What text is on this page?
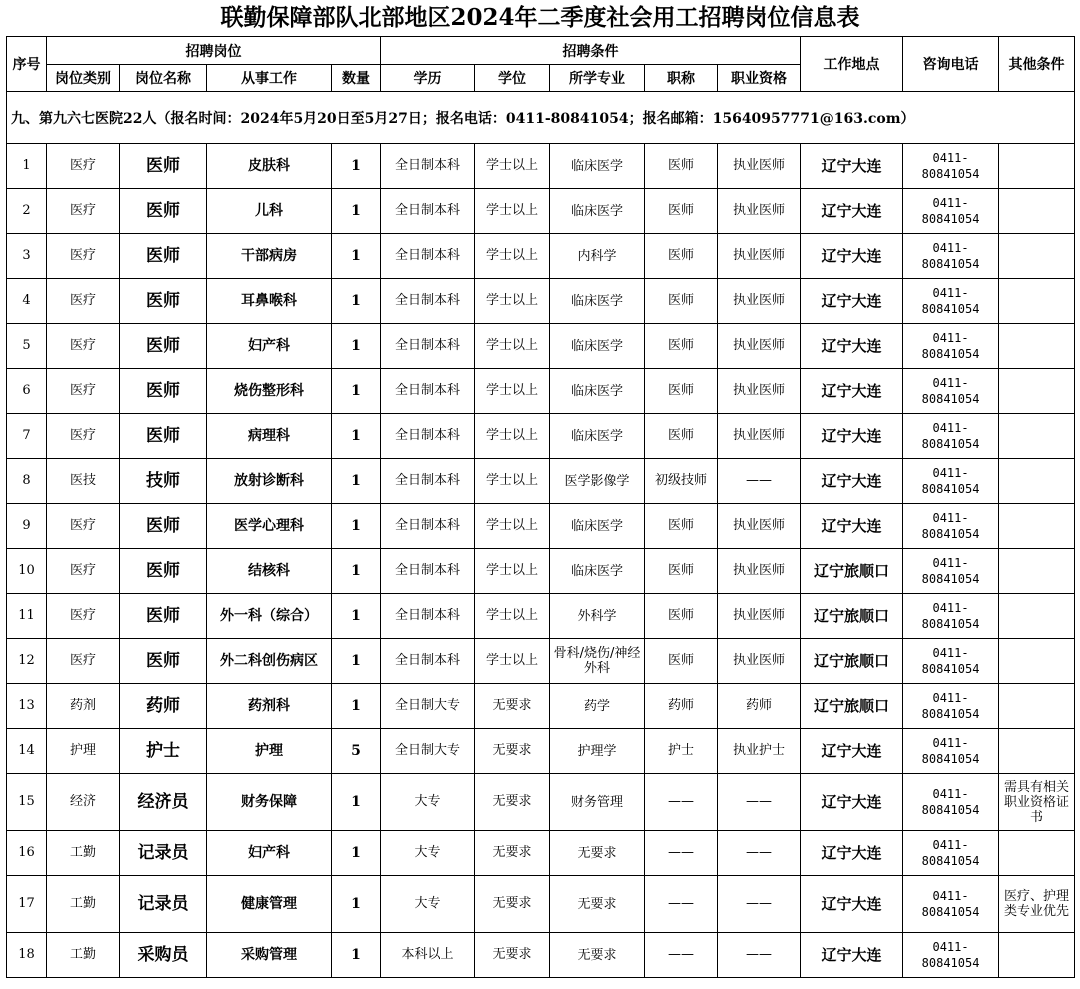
联勤保障部队北部地区2024年二季度社会用工招聘岗位信息表
序号	招聘岗位				招聘条件					工作地点	咨询电话	其他条件
	岗位类别	岗位名称	从事工作	数量	学历	学位	所学专业	职称	职业资格			
九、第九六七医院22人（报名时间：2024年5月20日至5月27日；报名电话：0411-80841054；报名邮箱：15640957771@163.com）												
1	医疗	医师	皮肤科	1	全日制本科	学士以上	临床医学	医师	执业医师	辽宁大连	0411-
80841054	

2	医疗	医师	儿科	1	全日制本科	学士以上	临床医学	医师	执业医师	辽宁大连	0411-
80841054	

3	医疗	医师	干部病房	1	全日制本科	学士以上	内科学	医师	执业医师	辽宁大连	0411-
80841054	

4	医疗	医师	耳鼻喉科	1	全日制本科	学士以上	临床医学	医师	执业医师	辽宁大连	0411-
80841054	

5	医疗	医师	妇产科	1	全日制本科	学士以上	临床医学	医师	执业医师	辽宁大连	0411-
80841054	

6	医疗	医师	烧伤整形科	1	全日制本科	学士以上	临床医学	医师	执业医师	辽宁大连	0411-
80841054	

7	医疗	医师	病理科	1	全日制本科	学士以上	临床医学	医师	执业医师	辽宁大连	0411-
80841054	

8	医技	技师	放射诊断科	1	全日制本科	学士以上	医学影像学	初级技师	——	辽宁大连	0411-
80841054	

9	医疗	医师	医学心理科	1	全日制本科	学士以上	临床医学	医师	执业医师	辽宁大连	0411-
80841054	

10	医疗	医师	结核科	1	全日制本科	学士以上	临床医学	医师	执业医师	辽宁旅顺口	0411-
80841054	

11	医疗	医师	外一科（综合）	1	全日制本科	学士以上	外科学	医师	执业医师	辽宁旅顺口	0411-
80841054	

12	医疗	医师	外二科创伤病区	1	全日制本科	学士以上	骨科/烧伤/神经外科	医师	执业医师	辽宁旅顺口	0411-
80841054	

13	药剂	药师	药剂科	1	全日制大专	无要求	药学	药师	药师	辽宁旅顺口	0411-
80841054	

14	护理	护士	护理	5	全日制大专	无要求	护理学	护士	执业护士	辽宁大连	0411-
80841054	

15	经济	经济员	财务保障	1	大专	无要求	财务管理	——	——	辽宁大连	0411-
80841054	需具有相关职业资格证书
16	工勤	记录员	妇产科	1	大专	无要求	无要求	——	——	辽宁大连	0411-
80841054	

17	工勤	记录员	健康管理	1	大专	无要求	无要求	——	——	辽宁大连	0411-
80841054	医疗、护理类专业优先
18	工勤	采购员	采购管理	1	本科以上	无要求	无要求	——	——	辽宁大连	0411-
80841054	
